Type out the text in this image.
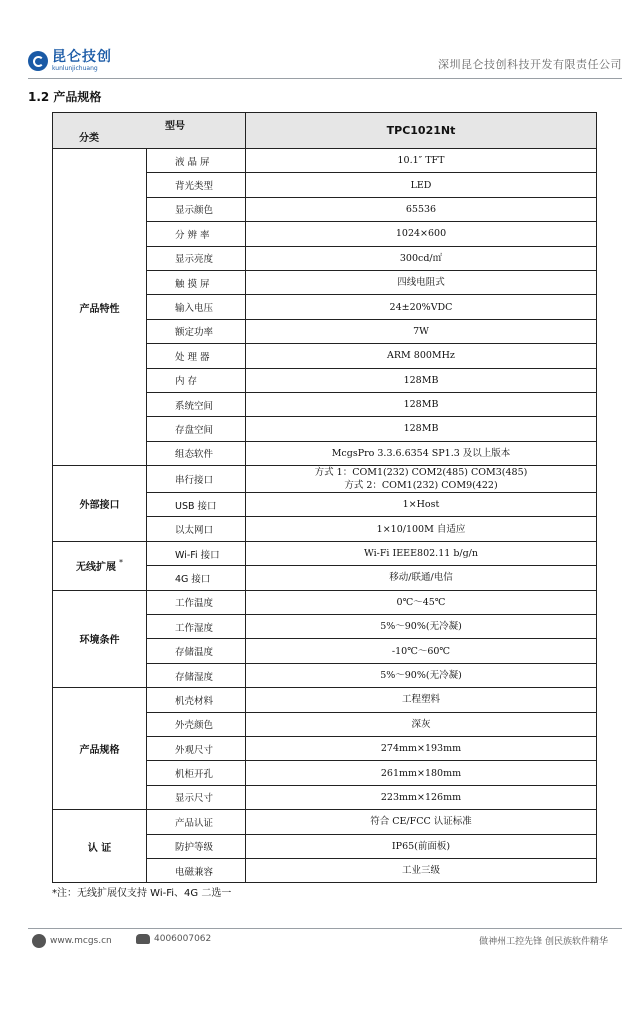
昆仑技创
kunlunjichuang	深圳昆仑技创科技开发有限责任公司
1.2 产品规格
型号
分类		TPC1021Nt
产品特性	液 晶 屏	10.1″ TFT

	背光类型	LED

	显示颜色	65536

	分 辨 率	1024×600

	显示亮度	300cd/㎡

	触 摸 屏	四线电阻式

	输入电压	24±20%VDC

	额定功率	7W

	处 理 器	ARM 800MHz

	内 存	128MB

	系统空间	128MB

	存盘空间	128MB

	组态软件	McgsPro 3.3.6.6354 SP1.3 及以上版本

外部接口	串行接口	方式 1：COM1(232) COM2(485) COM3(485)
方式 2：COM1(232) COM9(422)

	USB 接口	1×Host

	以太网口	1×10/100M 自适应

无线扩展 *	Wi-Fi 接口	Wi-Fi IEEE802.11 b/g/n

	4G 接口	移动/联通/电信

环境条件	工作温度	0℃～45℃

	工作湿度	5%～90%(无冷凝)

	存储温度	-10℃～60℃

	存储湿度	5%～90%(无冷凝)

产品规格	机壳材料	工程塑料

	外壳颜色	深灰

	外观尺寸	274mm×193mm

	机柜开孔	261mm×180mm

	显示尺寸	223mm×126mm

认 证	产品认证	符合 CE/FCC 认证标准

	防护等级	IP65(前面板)

	电磁兼容	工业三级
*注：无线扩展仅支持 Wi-Fi、4G 二选一
www.mcgs.cn	4006007062	做神州工控先锋 创民族软件精华
